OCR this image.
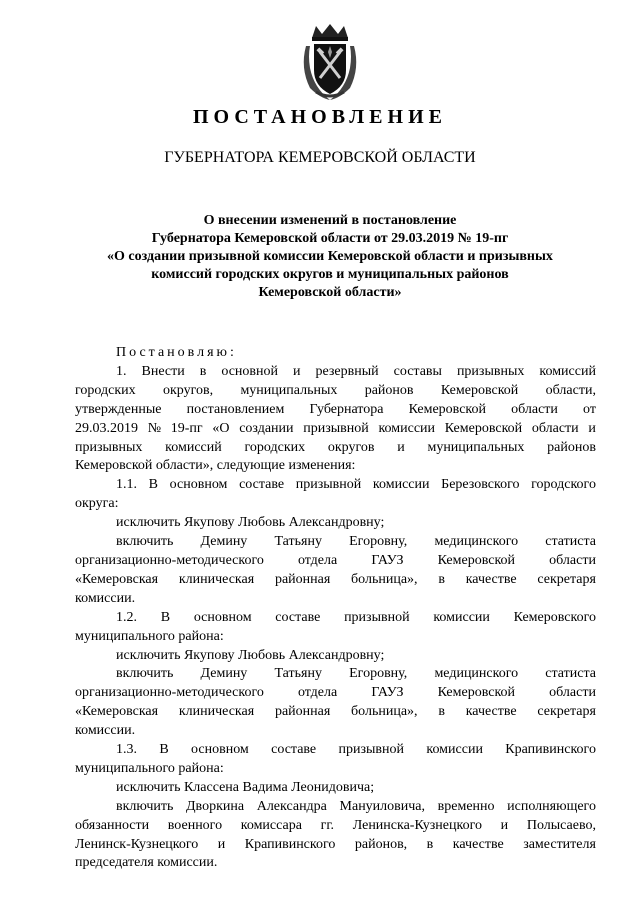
ПОСТАНОВЛЕНИЕ
ГУБЕРНАТОРА КЕМЕРОВСКОЙ ОБЛАСТИ
О внесении изменений в постановление
Губернатора Кемеровской области от 29.03.2019 № 19-пг
«О создании призывной комиссии Кемеровской области и призывных
комиссий городских округов и муниципальных районов
Кемеровской области»
Постановляю:
1. Внести в основной и резервный составы призывных комиссий
городских округов, муниципальных районов Кемеровской области,
утвержденные постановлением Губернатора Кемеровской области от
29.03.2019 № 19-пг «О создании призывной комиссии Кемеровской области и
призывных комиссий городских округов и муниципальных районов
Кемеровской области», следующие изменения:
1.1. В основном составе призывной комиссии Березовского городского
округа:
исключить Якупову Любовь Александровну;
включить Демину Татьяну Егоровну, медицинского статиста
организационно-методического отдела ГАУЗ Кемеровской области
«Кемеровская клиническая районная больница», в качестве секретаря
комиссии.
1.2. В основном составе призывной комиссии Кемеровского
муниципального района:
исключить Якупову Любовь Александровну;
включить Демину Татьяну Егоровну, медицинского статиста
организационно-методического отдела ГАУЗ Кемеровской области
«Кемеровская клиническая районная больница», в качестве секретаря
комиссии.
1.3. В основном составе призывной комиссии Крапивинского
муниципального района:
исключить Классена Вадима Леонидовича;
включить Дворкина Александра Мануиловича, временно исполняющего
обязанности военного комиссара гг. Ленинска-Кузнецкого и Полысаево,
Ленинск-Кузнецкого и Крапивинского районов, в качестве заместителя
председателя комиссии.
